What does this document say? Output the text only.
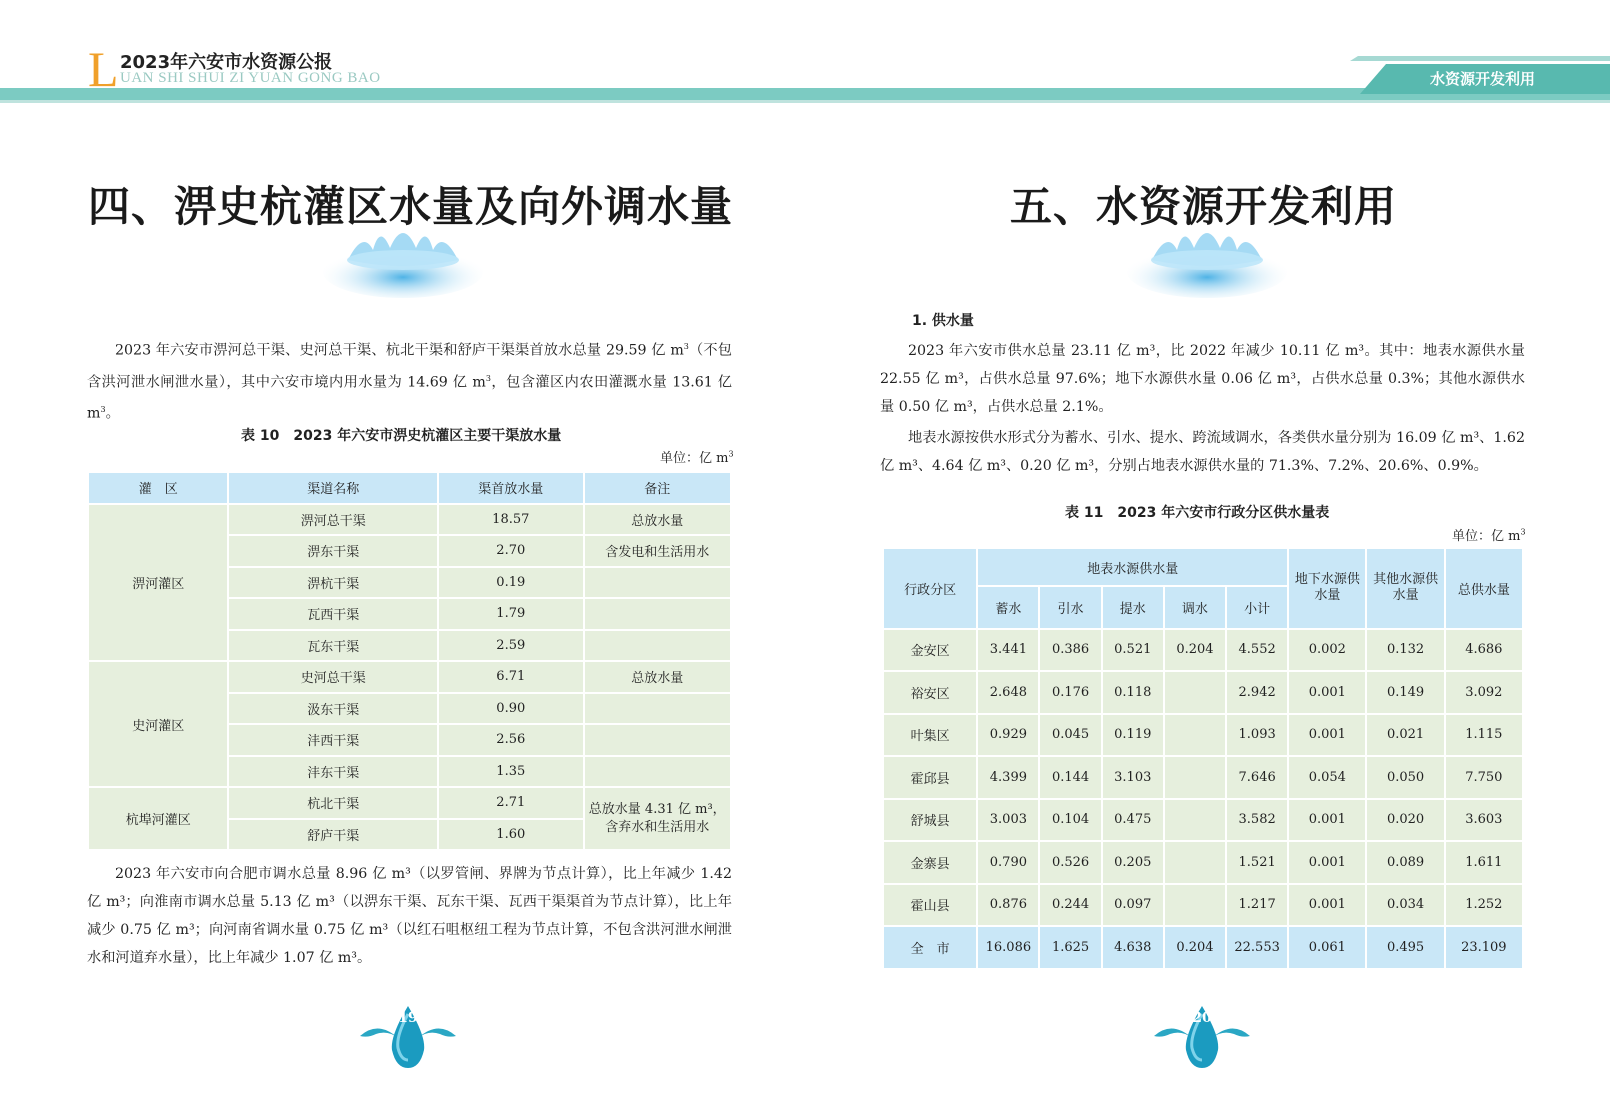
L 2023年六安市水资源公报
UAN SHI SHUI ZI YUAN GONG BAO	水资源开发利用
四、淠史杭灌区水量及向外调水量

2023 年六安市淠河总干渠、史河总干渠、杭北干渠和舒庐干渠渠首放水总量 29.59 亿 $m^3$（不包含洪河泄水闸泄水量），其中六安市境内用水量为 14.69 亿 $m^3$，包含灌区内农田灌溉水量 13.61 亿 $m^3$。

表 10　2023 年六安市淠史杭灌区主要干渠放水量
单位：亿 $m^3$
灌　区	渠道名称	渠首放水量	备注
淠河灌区	淠河总干渠	18.57	总放水量
	淠东干渠	2.70	含发电和生活用水
	淠杭干渠	0.19	
	瓦西干渠	1.79	
	瓦东干渠	2.59	
史河灌区	史河总干渠	6.71	总放水量
	汲东干渠	0.90	
	沣西干渠	2.56	
	沣东干渠	1.35	
杭埠河灌区	杭北干渠	2.71	总放水量 4.31 亿 m³，含弃水和生活用水
	舒庐干渠	1.60	

2023 年六安市向合肥市调水总量 8.96 亿 m³（以罗管闸、界牌为节点计算），比上年减少 1.42 亿 m³；向淮南市调水总量 5.13 亿 m³（以淠东干渠、瓦东干渠、瓦西干渠渠首为节点计算），比上年减少 0.75 亿 m³；向河南省调水量 0.75 亿 m³（以红石咀枢纽工程为节点计算，不包含洪河泄水闸泄水和河道弃水量），比上年减少 1.07 亿 m³。

19
五、水资源开发利用
1. 供水量

2023 年六安市供水总量 23.11 亿 m³，比 2022 年减少 10.11 亿 m³。其中：地表水源供水量 22.55 亿 m³，占供水总量 97.6%；地下水源供水量 0.06 亿 m³，占供水总量 0.3%；其他水源供水量 0.50 亿 m³，占供水总量 2.1%。

地表水源按供水形式分为蓄水、引水、提水、跨流域调水，各类供水量分别为 16.09 亿 m³、1.62 亿 m³、4.64 亿 m³、0.20 亿 m³，分别占地表水源供水量的 71.3%、7.2%、20.6%、0.9%。

表 11　2023 年六安市行政分区供水量表
单位：亿 $m^3$
行政分区	地表水源供水量					地下水源供水量	其他水源供水量	总供水量
	蓄水	引水	提水	调水	小计			
金安区	3.441	0.386	0.521	0.204	4.552	0.002	0.132	4.686
裕安区	2.648	0.176	0.118		2.942	0.001	0.149	3.092
叶集区	0.929	0.045	0.119		1.093	0.001	0.021	1.115
霍邱县	4.399	0.144	3.103		7.646	0.054	0.050	7.750
舒城县	3.003	0.104	0.475		3.582	0.001	0.020	3.603
金寨县	0.790	0.526	0.205		1.521	0.001	0.089	1.611
霍山县	0.876	0.244	0.097		1.217	0.001	0.034	1.252
全　市	16.086	1.625	4.638	0.204	22.553	0.061	0.495	23.109
20
